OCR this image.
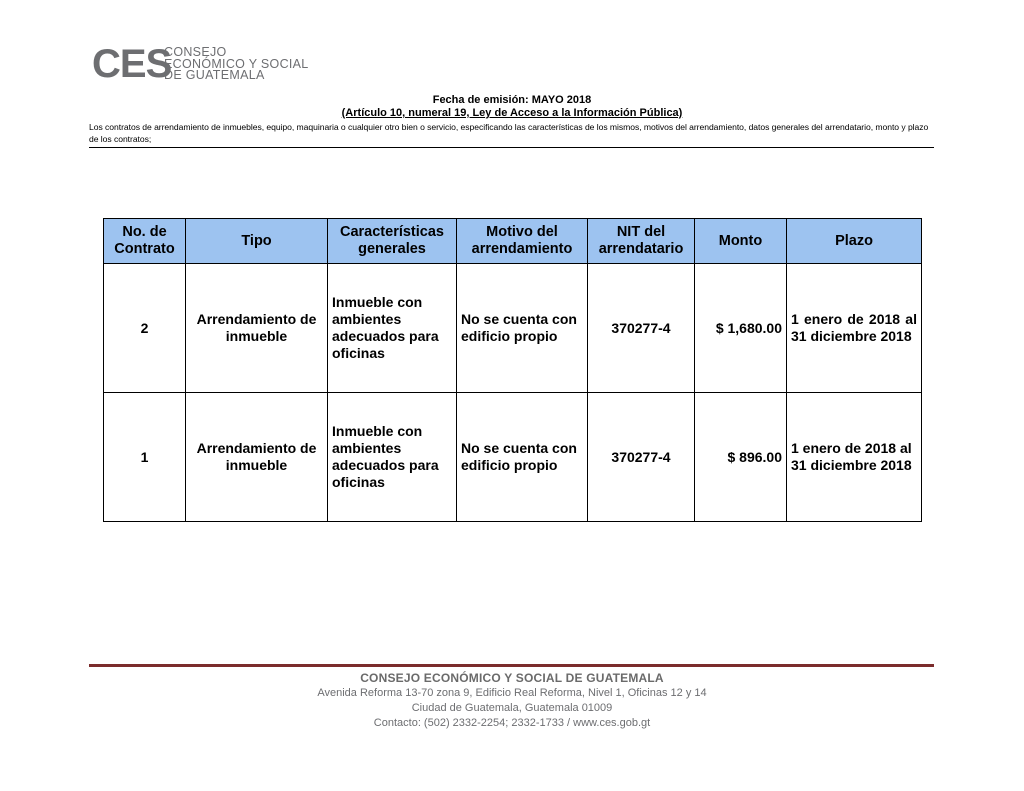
CES
CONSEJO
ECONÓMICO Y SOCIAL
DE GUATEMALA
Fecha de emisión: MAYO 2018
(Artículo 10, numeral 19, Ley de Acceso a la Información Pública)
Los contratos de arrendamiento de inmuebles, equipo, maquinaria o cualquier otro bien o servicio, especificando las características de los mismos, motivos del arrendamiento, datos generales del arrendatario, monto y plazo de los contratos;
No. de Contrato	Tipo	Características generales	Motivo del arrendamiento	NIT del arrendatario	Monto	Plazo
2	Arrendamiento de inmueble	Inmueble con ambientes adecuados para oficinas	No se cuenta con edificio propio	370277-4	$ 1,680.00	1 enero de 2018 al 31 diciembre 2018
1	Arrendamiento de inmueble	Inmueble con ambientes adecuados para oficinas	No se cuenta con edificio propio	370277-4	$ 896.00	1 enero de 2018 al 31 diciembre 2018
CONSEJO ECONÓMICO Y SOCIAL DE GUATEMALA
Avenida Reforma 13-70 zona 9, Edificio Real Reforma, Nivel 1, Oficinas 12 y 14
Ciudad de Guatemala, Guatemala 01009
Contacto: (502) 2332-2254; 2332-1733 / www.ces.gob.gt
